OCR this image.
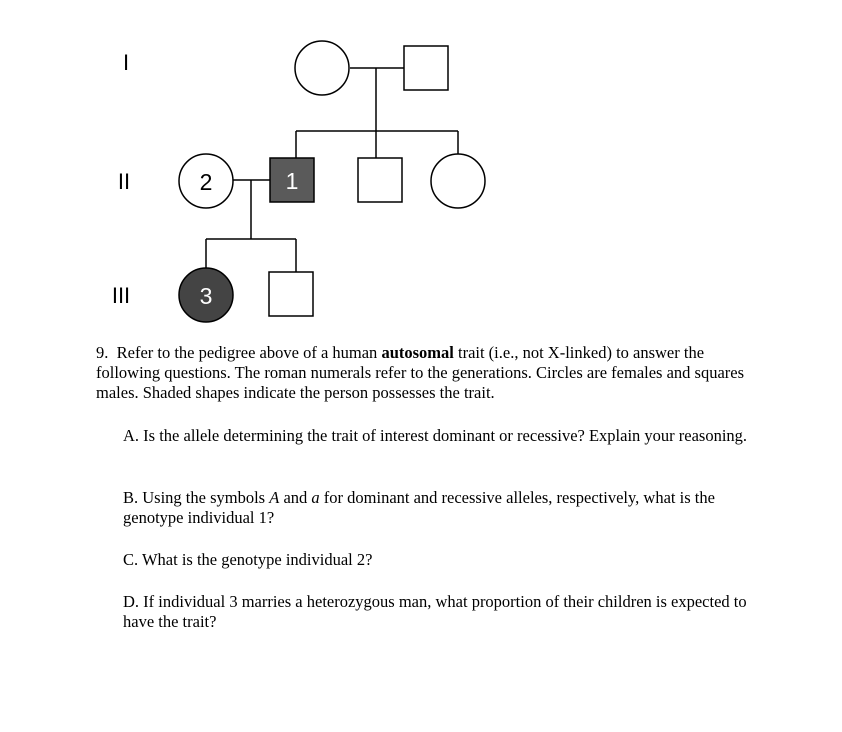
I
II
III
2	1
3

9. Refer to the pedigree above of a human autosomal trait (i.e., not X-linked) to answer the following questions. The roman numerals refer to the generations. Circles are females and squares males. Shaded shapes indicate the person possesses the trait.

A. Is the allele determining the trait of interest dominant or recessive? Explain your reasoning.

B. Using the symbols A and a for dominant and recessive alleles, respectively, what is the genotype individual 1?

C. What is the genotype individual 2?

D. If individual 3 marries a heterozygous man, what proportion of their children is expected to have the trait?
